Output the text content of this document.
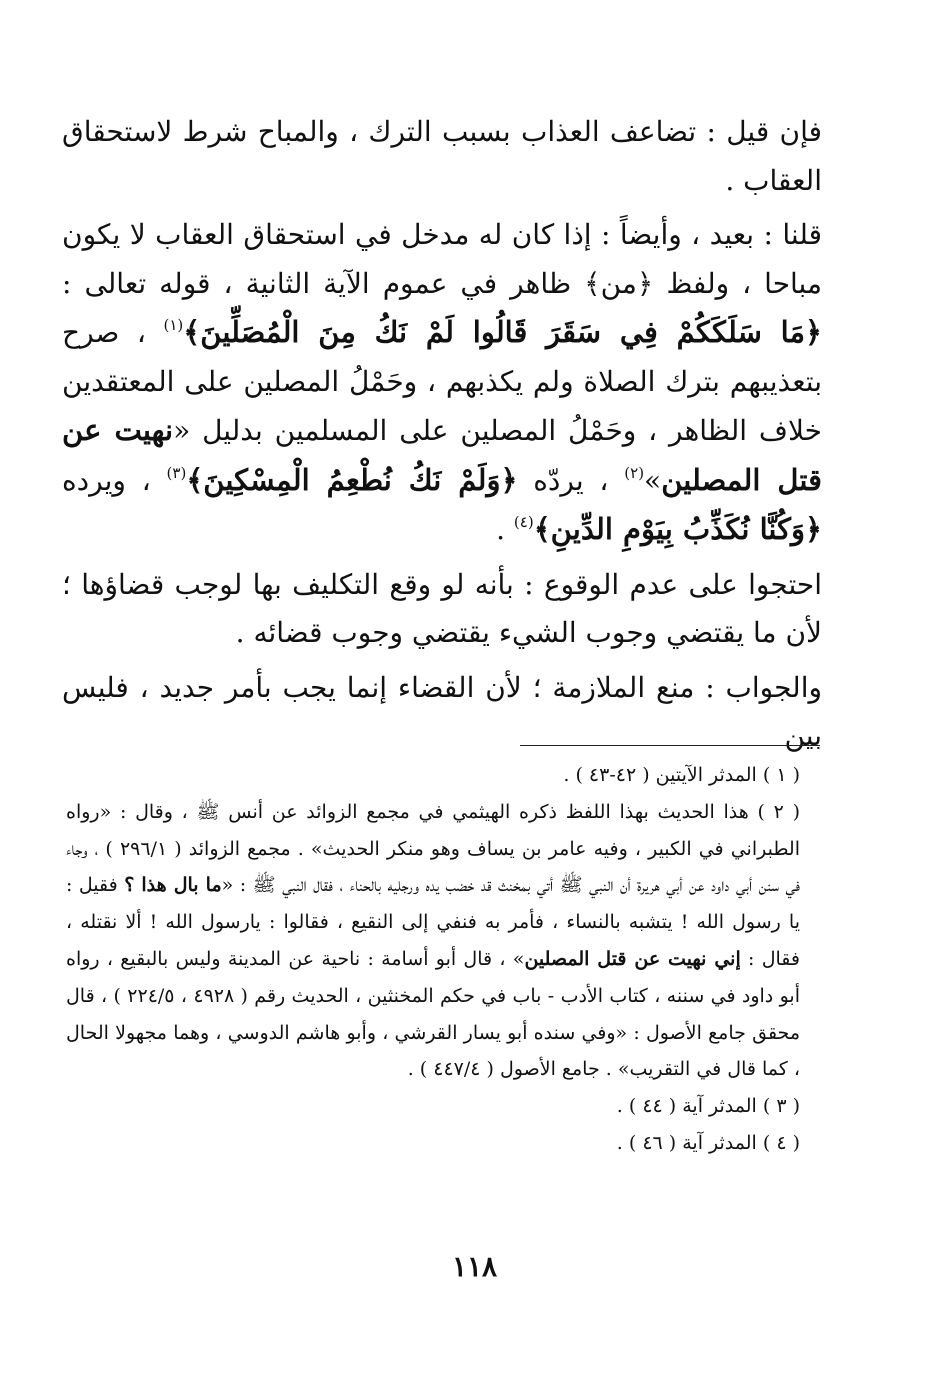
فإن قيل : تضاعف العذاب بسبب الترك ، والمباح شرط لاستحقاق العقاب .

قلنا : بعيد ، وأيضاً : إذا كان له مدخل في استحقاق العقاب لا يكون مباحا ، ولفظ ﴿من﴾ ظاهر في عموم الآية الثانية ، قوله تعالى : ﴿مَا سَلَكَكُمْ فِي سَقَرَ قَالُوا لَمْ نَكُ مِنَ الْمُصَلِّينَ﴾$^{(١)}$ ، صرح بتعذيبهم بترك الصلاة ولم يكذبهم ، وحَمْلُ المصلين على المعتقدين خلاف الظاهر ، وحَمْلُ المصلين على المسلمين بدليل «نهيت عن قتل المصلين»$^{(٢)}$ ، يردّه ﴿وَلَمْ نَكُ نُطْعِمُ الْمِسْكِينَ﴾$^{(٣)}$ ، ويرده ﴿وَكُنَّا نُكَذِّبُ بِيَوْمِ الدِّينِ﴾$^{(٤)}$ .

احتجوا على عدم الوقوع : بأنه لو وقع التكليف بها لوجب قضاؤها ؛ لأن ما يقتضي وجوب الشيء يقتضي وجوب قضائه .

والجواب : منع الملازمة ؛ لأن القضاء إنما يجب بأمر جديد ، فليس بين

( ١ ) المدثر الآيتين ( ٤٢-٤٣ ) .

( ٢ ) هذا الحديث بهذا اللفظ ذكره الهيثمي في مجمع الزوائد عن أنس ﷺ ، وقال : «رواه الطبراني في الكبير ، وفيه عامر بن يساف وهو منكر الحديث» . مجمع الزوائد ( ٢٩٦/١ ) ، وجاء في سنن أبي داود عن أبي هريرة أن النبي ﷺ أتي بمخنث قد خضب يده ورجليه بالحناء ، فقال النبي ﷺ : «ما بال هذا ؟ فقيل : يا رسول الله ! يتشبه بالنساء ، فأمر به فنفي إلى النقيع ، فقالوا : يارسول الله ! ألا نقتله ، فقال : إني نهيت عن قتل المصلين» ، قال أبو أسامة : ناحية عن المدينة وليس بالبقيع ، رواه أبو داود في سننه ، كتاب الأدب - باب في حكم المخنثين ، الحديث رقم ( ٤٩٢٨ ، ٢٢٤/٥ ) ، قال محقق جامع الأصول : «وفي سنده أبو يسار القرشي ، وأبو هاشم الدوسي ، وهما مجهولا الحال ، كما قال في التقريب» . جامع الأصول ( ٤٤٧/٤ ) .

( ٣ ) المدثر آية ( ٤٤ ) .

( ٤ ) المدثر آية ( ٤٦ ) .

١١٨
